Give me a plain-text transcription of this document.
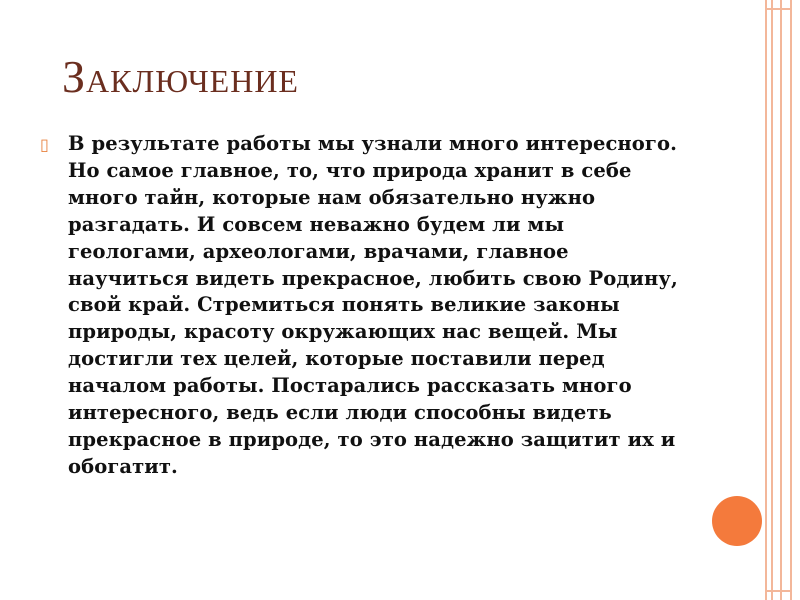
Заключение
▯ В результате работы мы узнали много интересного. Но самое главное, то, что природа хранит в себе много тайн, которые нам обязательно нужно разгадать. И совсем неважно будем ли мы геологами, археологами, врачами, главное научиться видеть прекрасное, любить свою Родину, свой край. Стремиться понять великие законы природы, красоту окружающих нас вещей. Мы достигли тех целей, которые поставили перед началом работы. Постарались рассказать много интересного, ведь если люди способны видеть прекрасное в природе, то это надежно защитит их и обогатит.
